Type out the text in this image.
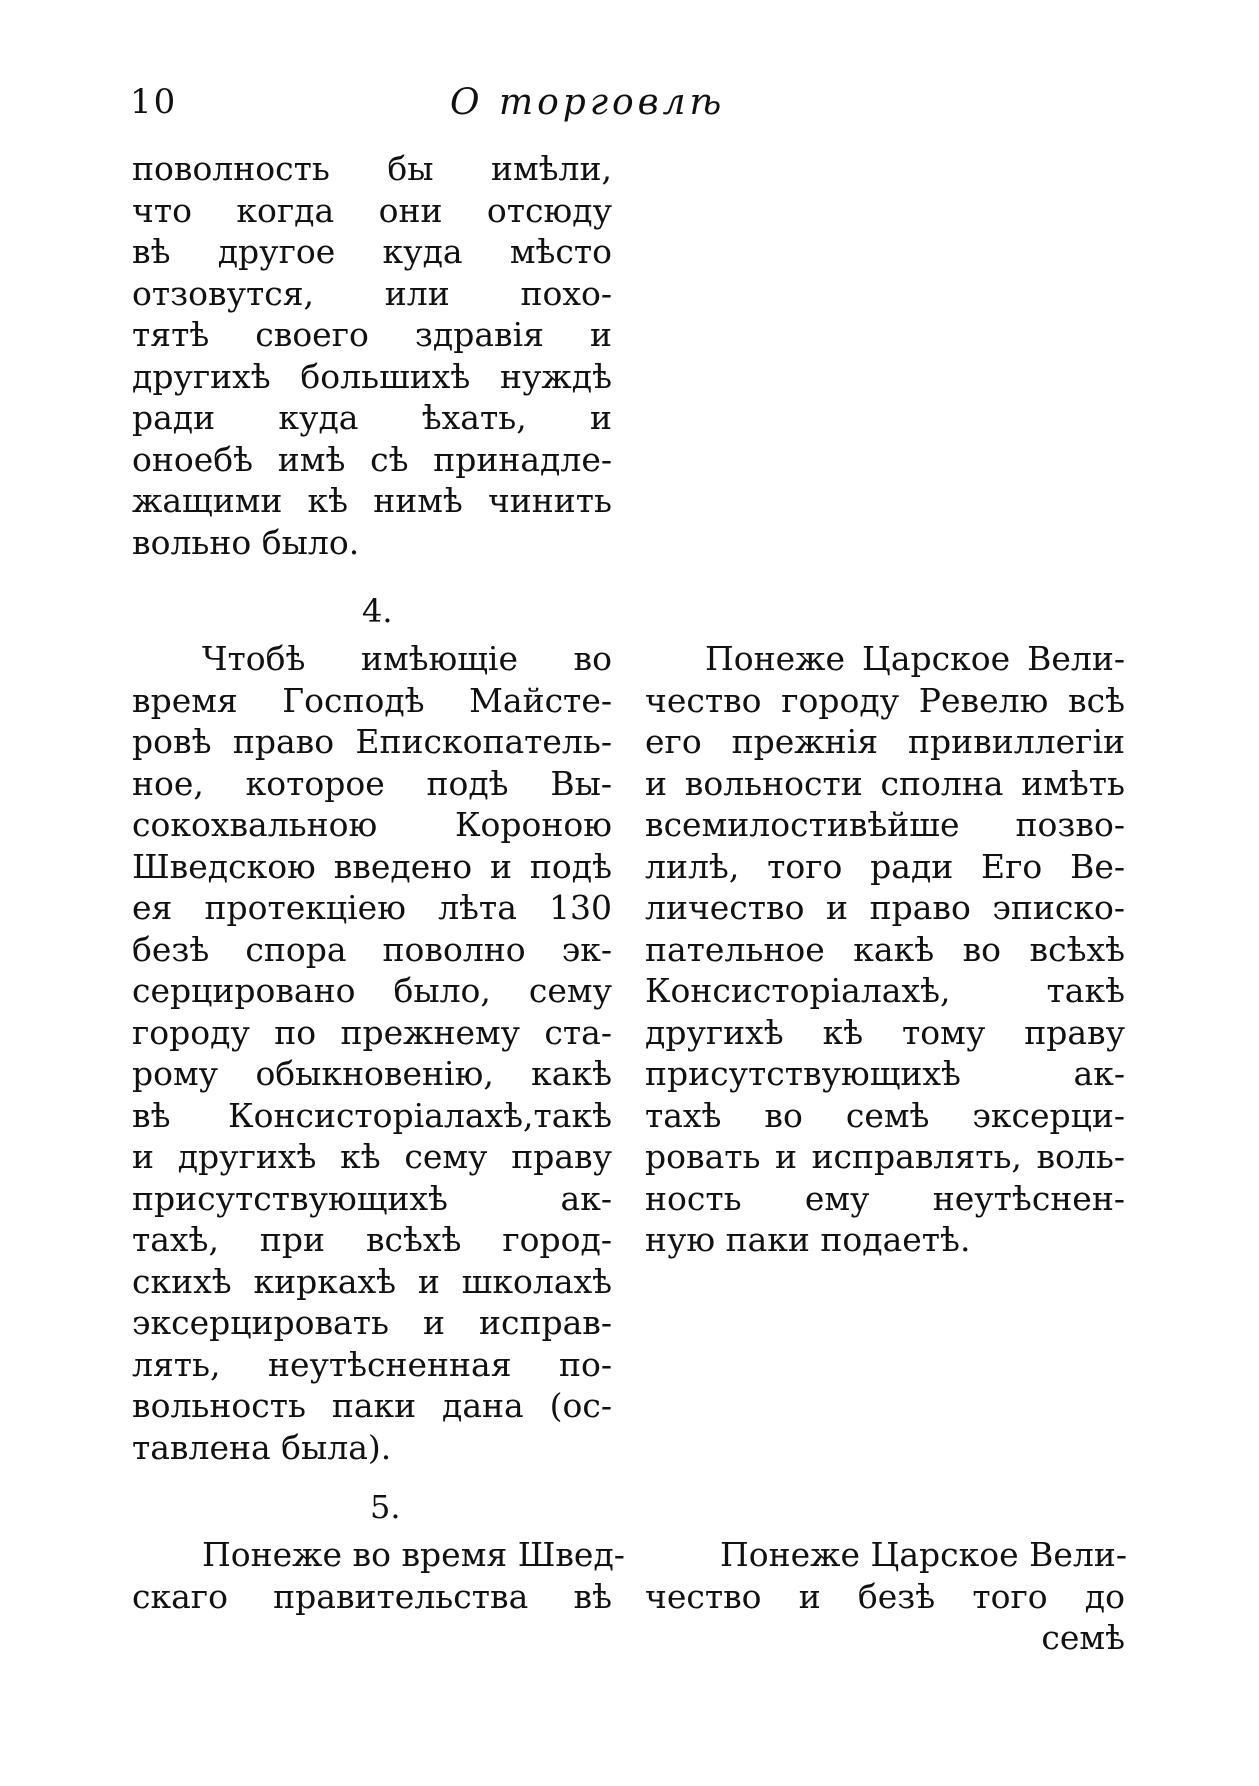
10	О торговлѣ
поволность бы имѣли,
что когда они отсюду
вѣ другое куда мѣсто
отзовутся, или похо-
тятѣ своего здравія и
другихѣ большихѣ нуждѣ
ради куда ѣхать, и
оноебѣ имѣ сѣ принадле-
жащими кѣ нимѣ чинить
вольно было.
4.
Чтобѣ имѣющіе во
время Господѣ Майсте-
ровѣ право Епископатель-
ное, которое подѣ Вы-
сокохвальною Короною
Шведскою введено и подѣ
ея протекціею лѣта 130
безѣ спора поволно эк-
серцировано было, сему
городу по прежнему ста-
рому обыкновенію, какѣ
вѣ Консисторіалахѣ,такѣ
и другихѣ кѣ сему праву
присутствующихѣ ак-
тахѣ, при всѣхѣ город-
скихѣ киркахѣ и школахѣ
эксерцировать и исправ-
лять, неутѣсненная по-
вольность паки дана (ос-
тавлена была).
Понеже Царское Вели-
чество городу Ревелю всѣ
его прежнія привиллегіи
и вольности сполна имѣть
всемилостивѣйше позво-
лилѣ, того ради Его Ве-
личество и право эписко-
пательное какѣ во всѣхѣ
Консисторіалахѣ, такѣ
другихѣ кѣ тому праву
присутствующихѣ ак-
тахѣ во семѣ эксерци-
ровать и исправлять, воль-
ность ему неутѣснен-
ную паки подаетѣ.
5.
Понеже во время Швед-
скаго правительства вѣ
Понеже Царское Вели-
чество и безѣ того до
семѣ
